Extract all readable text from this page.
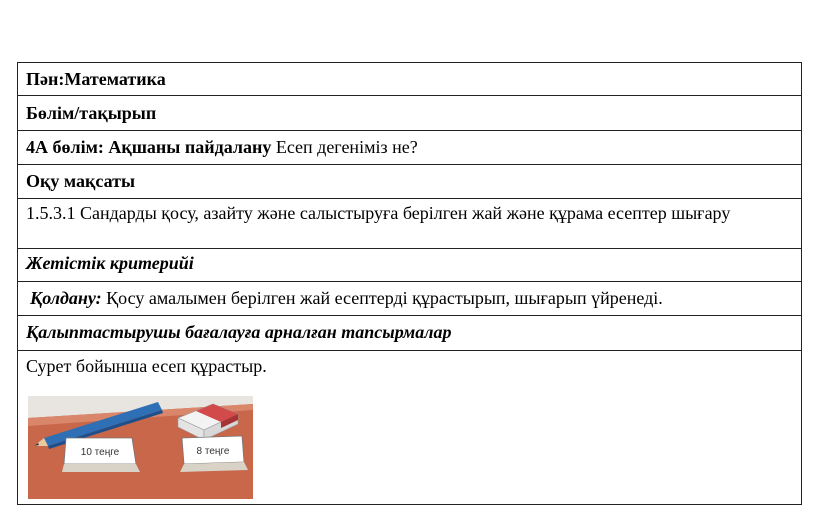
Пән:Математика
Бөлім/тақырып
4А бөлім: Ақшаны пайдалану Есеп дегеніміз не?
Оқу мақсаты
1.5.3.1 Сандарды қосу, азайту және салыстыруға берілген жай және құрама есептер шығару
Жетістік критерийі
Қолдану: Қосу амалымен берілген жай есептерді құрастырып, шығарып үйренеді.
Қалыптастырушы бағалауға арналған тапсырмалар
Сурет бойынша есеп құрастыр.
10 теңге	8 теңге
